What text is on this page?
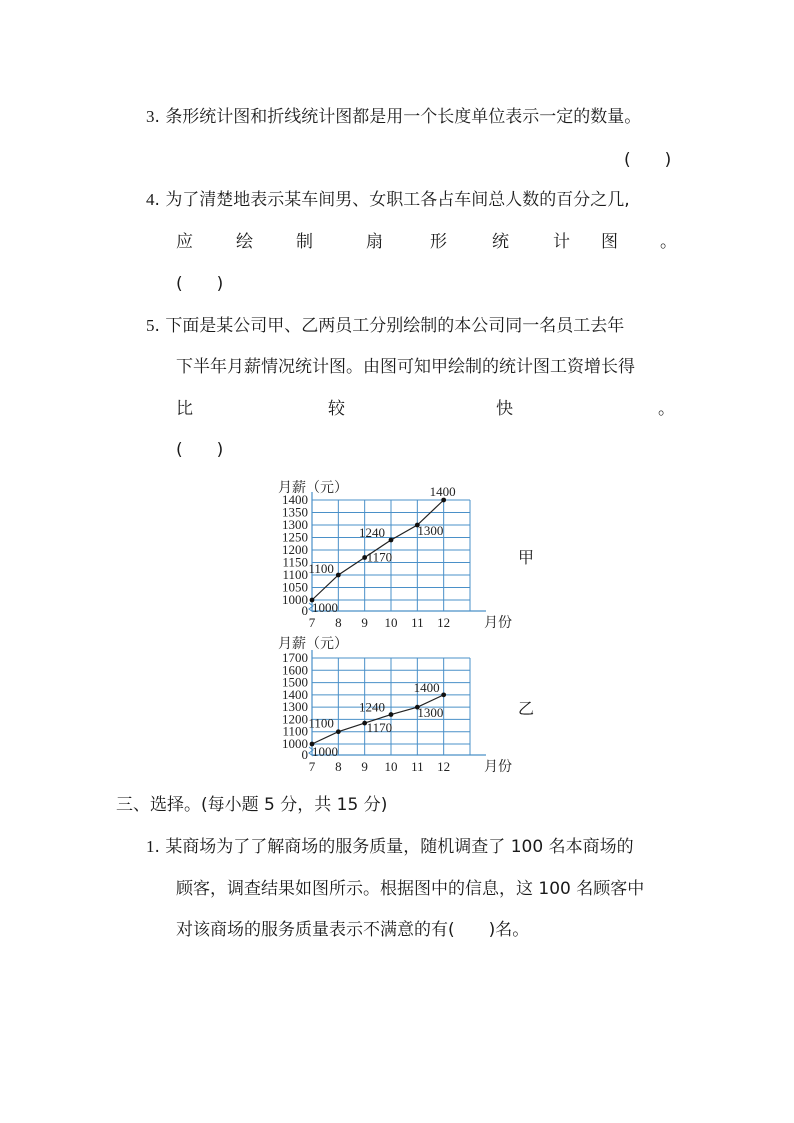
3. 条形统计图和折线统计图都是用一个长度单位表示一定的数量。
(　　)
4. 为了清楚地表示某车间男、女职工各占车间总人数的百分之几,
应	绘	制	扇	形	统	计 图 。
(　　)
5. 下面是某公司甲、乙两员工分别绘制的本公司同一名员工去年
下半年月薪情况统计图。由图可知甲绘制的统计图工资增长得
比	较	快	。
(　　)
月薪（元）
0
1000
1050
1100
1150
1200
1250
1300
1350
1400
7 8 9 10 11 12 月份
1000
1100
1170
1240 1300
1400
甲
月薪（元）
0
1000
1100
1200
1300
1400
1500
1600
1700
7 8 9 10 11 12 月份
1000
1100	1170
1240 1300
1400
乙
三、选择。(每小题 5 分，共 15 分)
1. 某商场为了了解商场的服务质量，随机调查了 100 名本商场的
顾客，调查结果如图所示。根据图中的信息，这 100 名顾客中
对该商场的服务质量表示不满意的有(　　)名。
